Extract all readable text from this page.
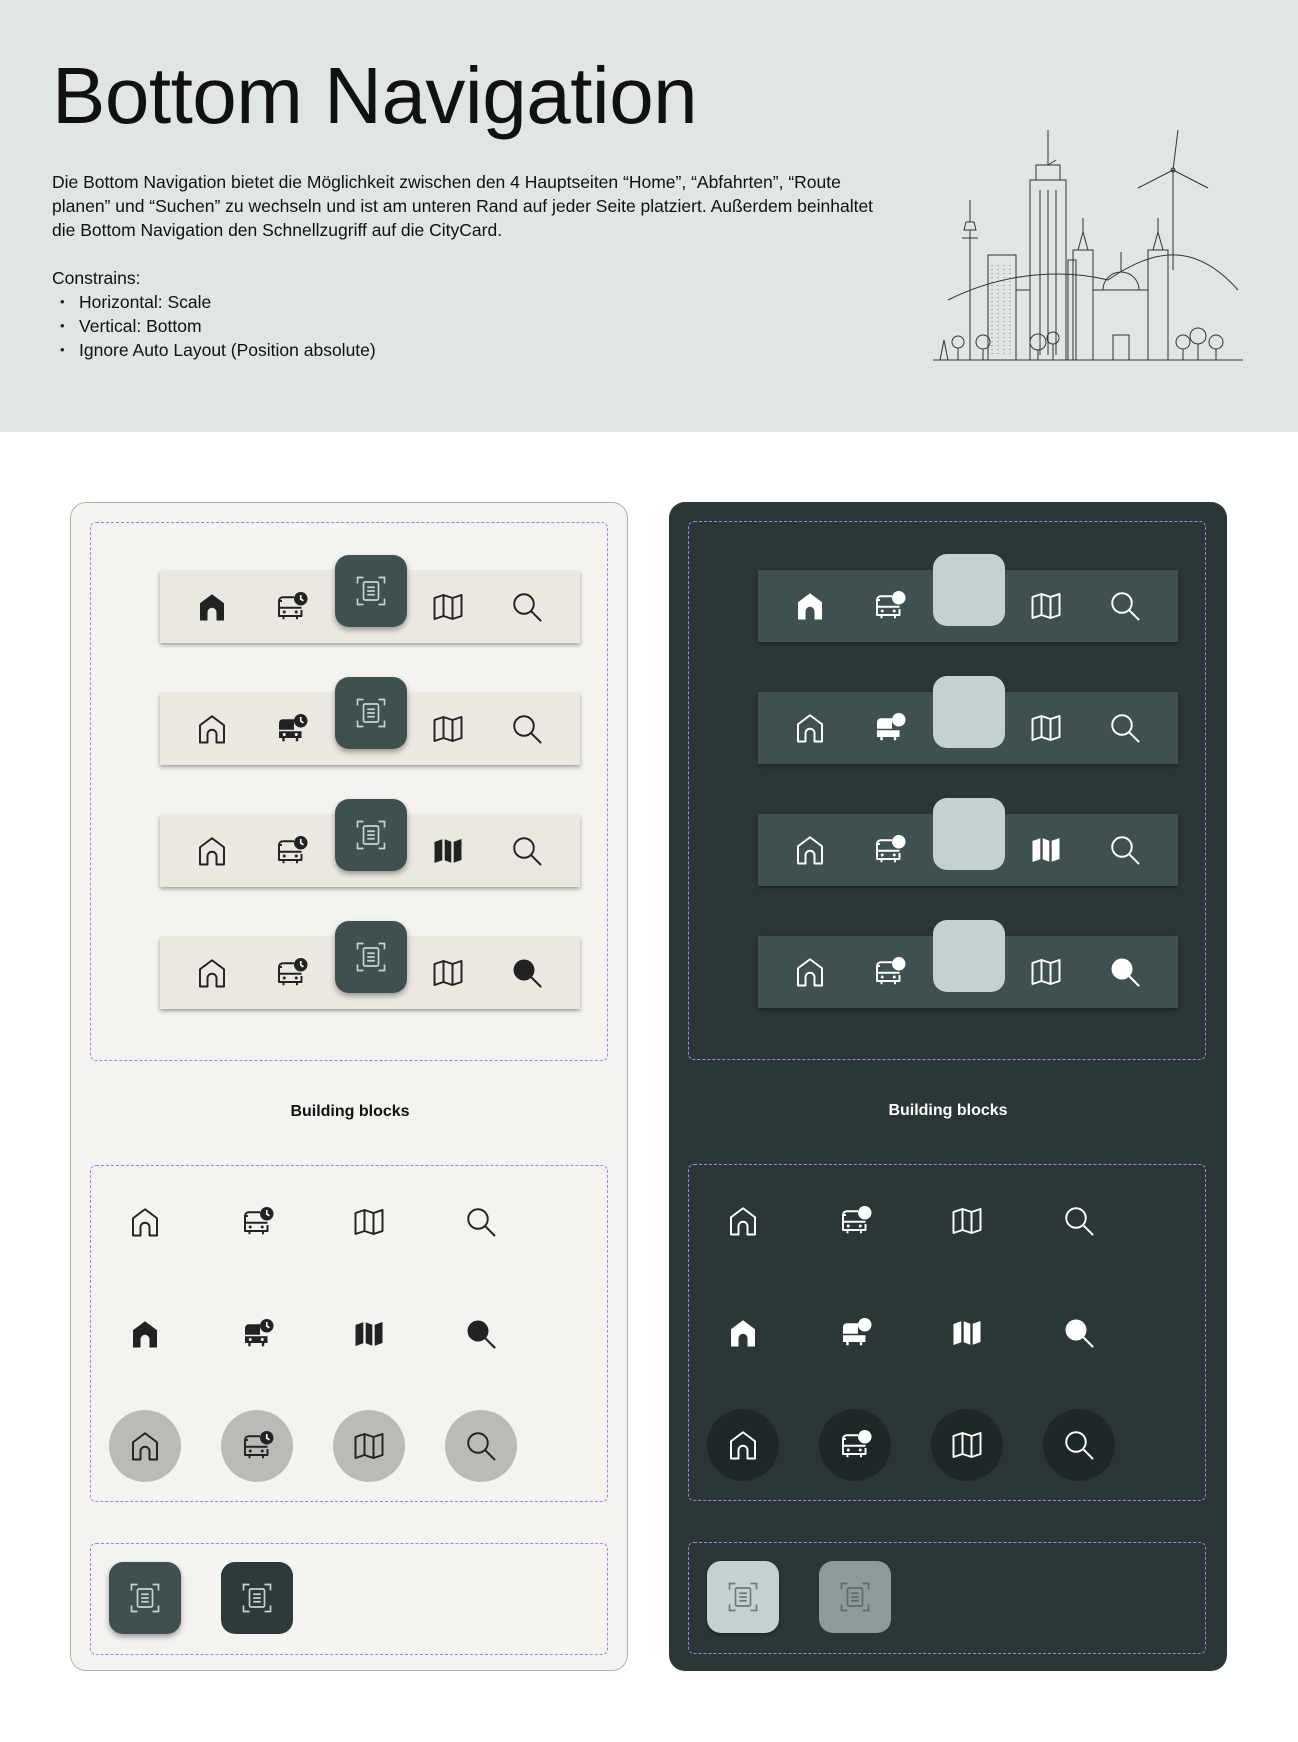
Bottom Navigation

Die Bottom Navigation bietet die Möglichkeit zwischen den 4 Hauptseiten “Home”, “Abfahrten”, “Route planen” und “Suchen” zu wechseln und ist am unteren Rand auf jeder Seite platziert. Außerdem beinhaltet die Bottom Navigation den Schnellzugriff auf die CityCard.

Constrains:
• Horizontal: Scale
• Vertical: Bottom
• Ignore Auto Layout (Position absolute)
Building blocks	Building blocks
